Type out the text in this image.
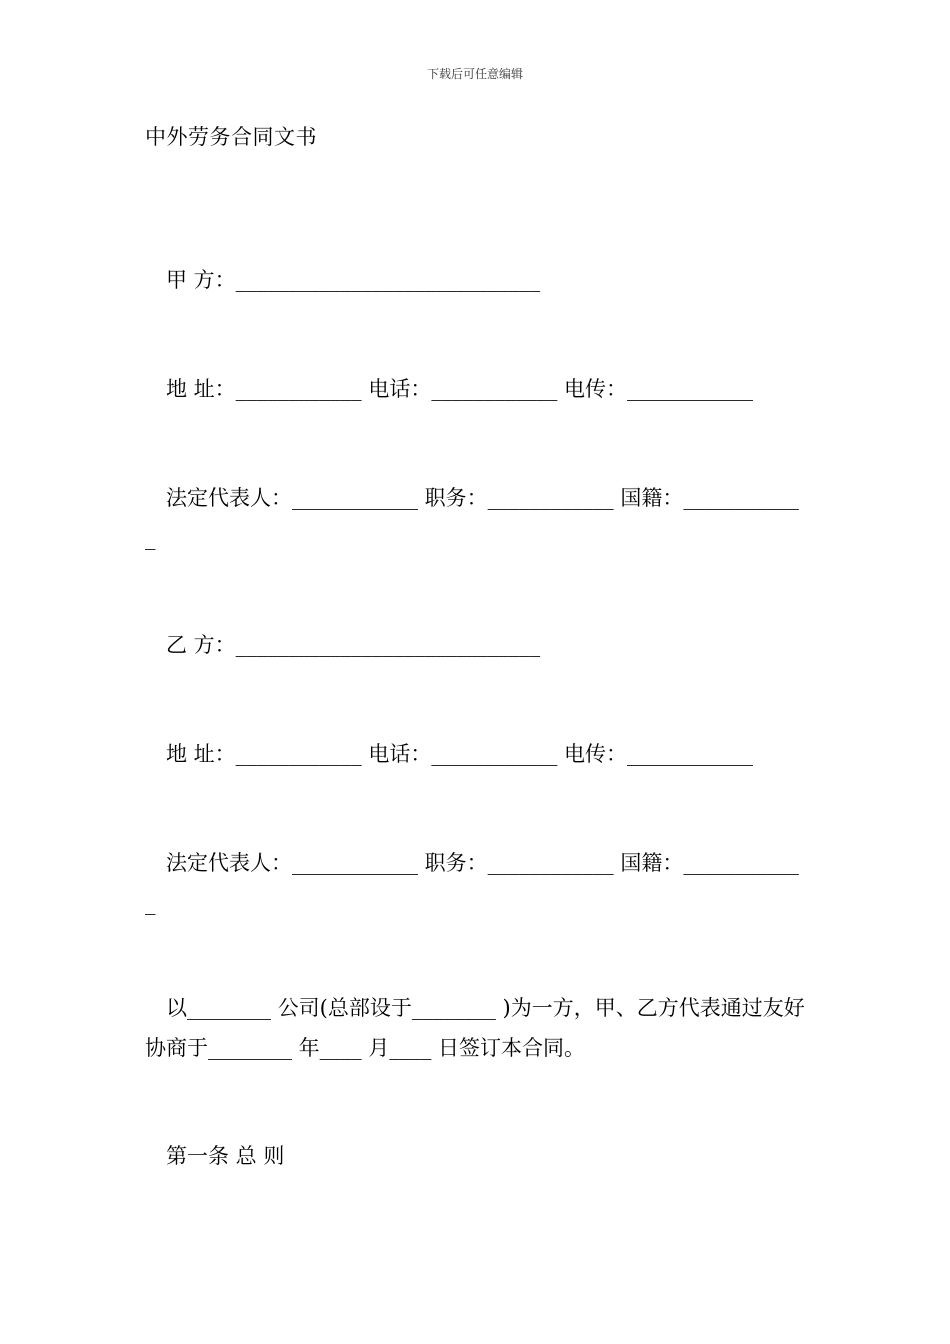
下载后可任意编辑
中外劳务合同文书
　甲 方：_____________________________
　地 址：____________ 电话：____________ 电传：____________
　法定代表人：____________ 职务：____________ 国籍：____________
　乙 方：_____________________________
　地 址：____________ 电话：____________ 电传：____________
　法定代表人：____________ 职务：____________ 国籍：____________
　以________ 公司(总部设于________ )为一方，甲、乙方代表通过友好协商于________ 年____ 月____ 日签订本合同。
　第一条 总 则
